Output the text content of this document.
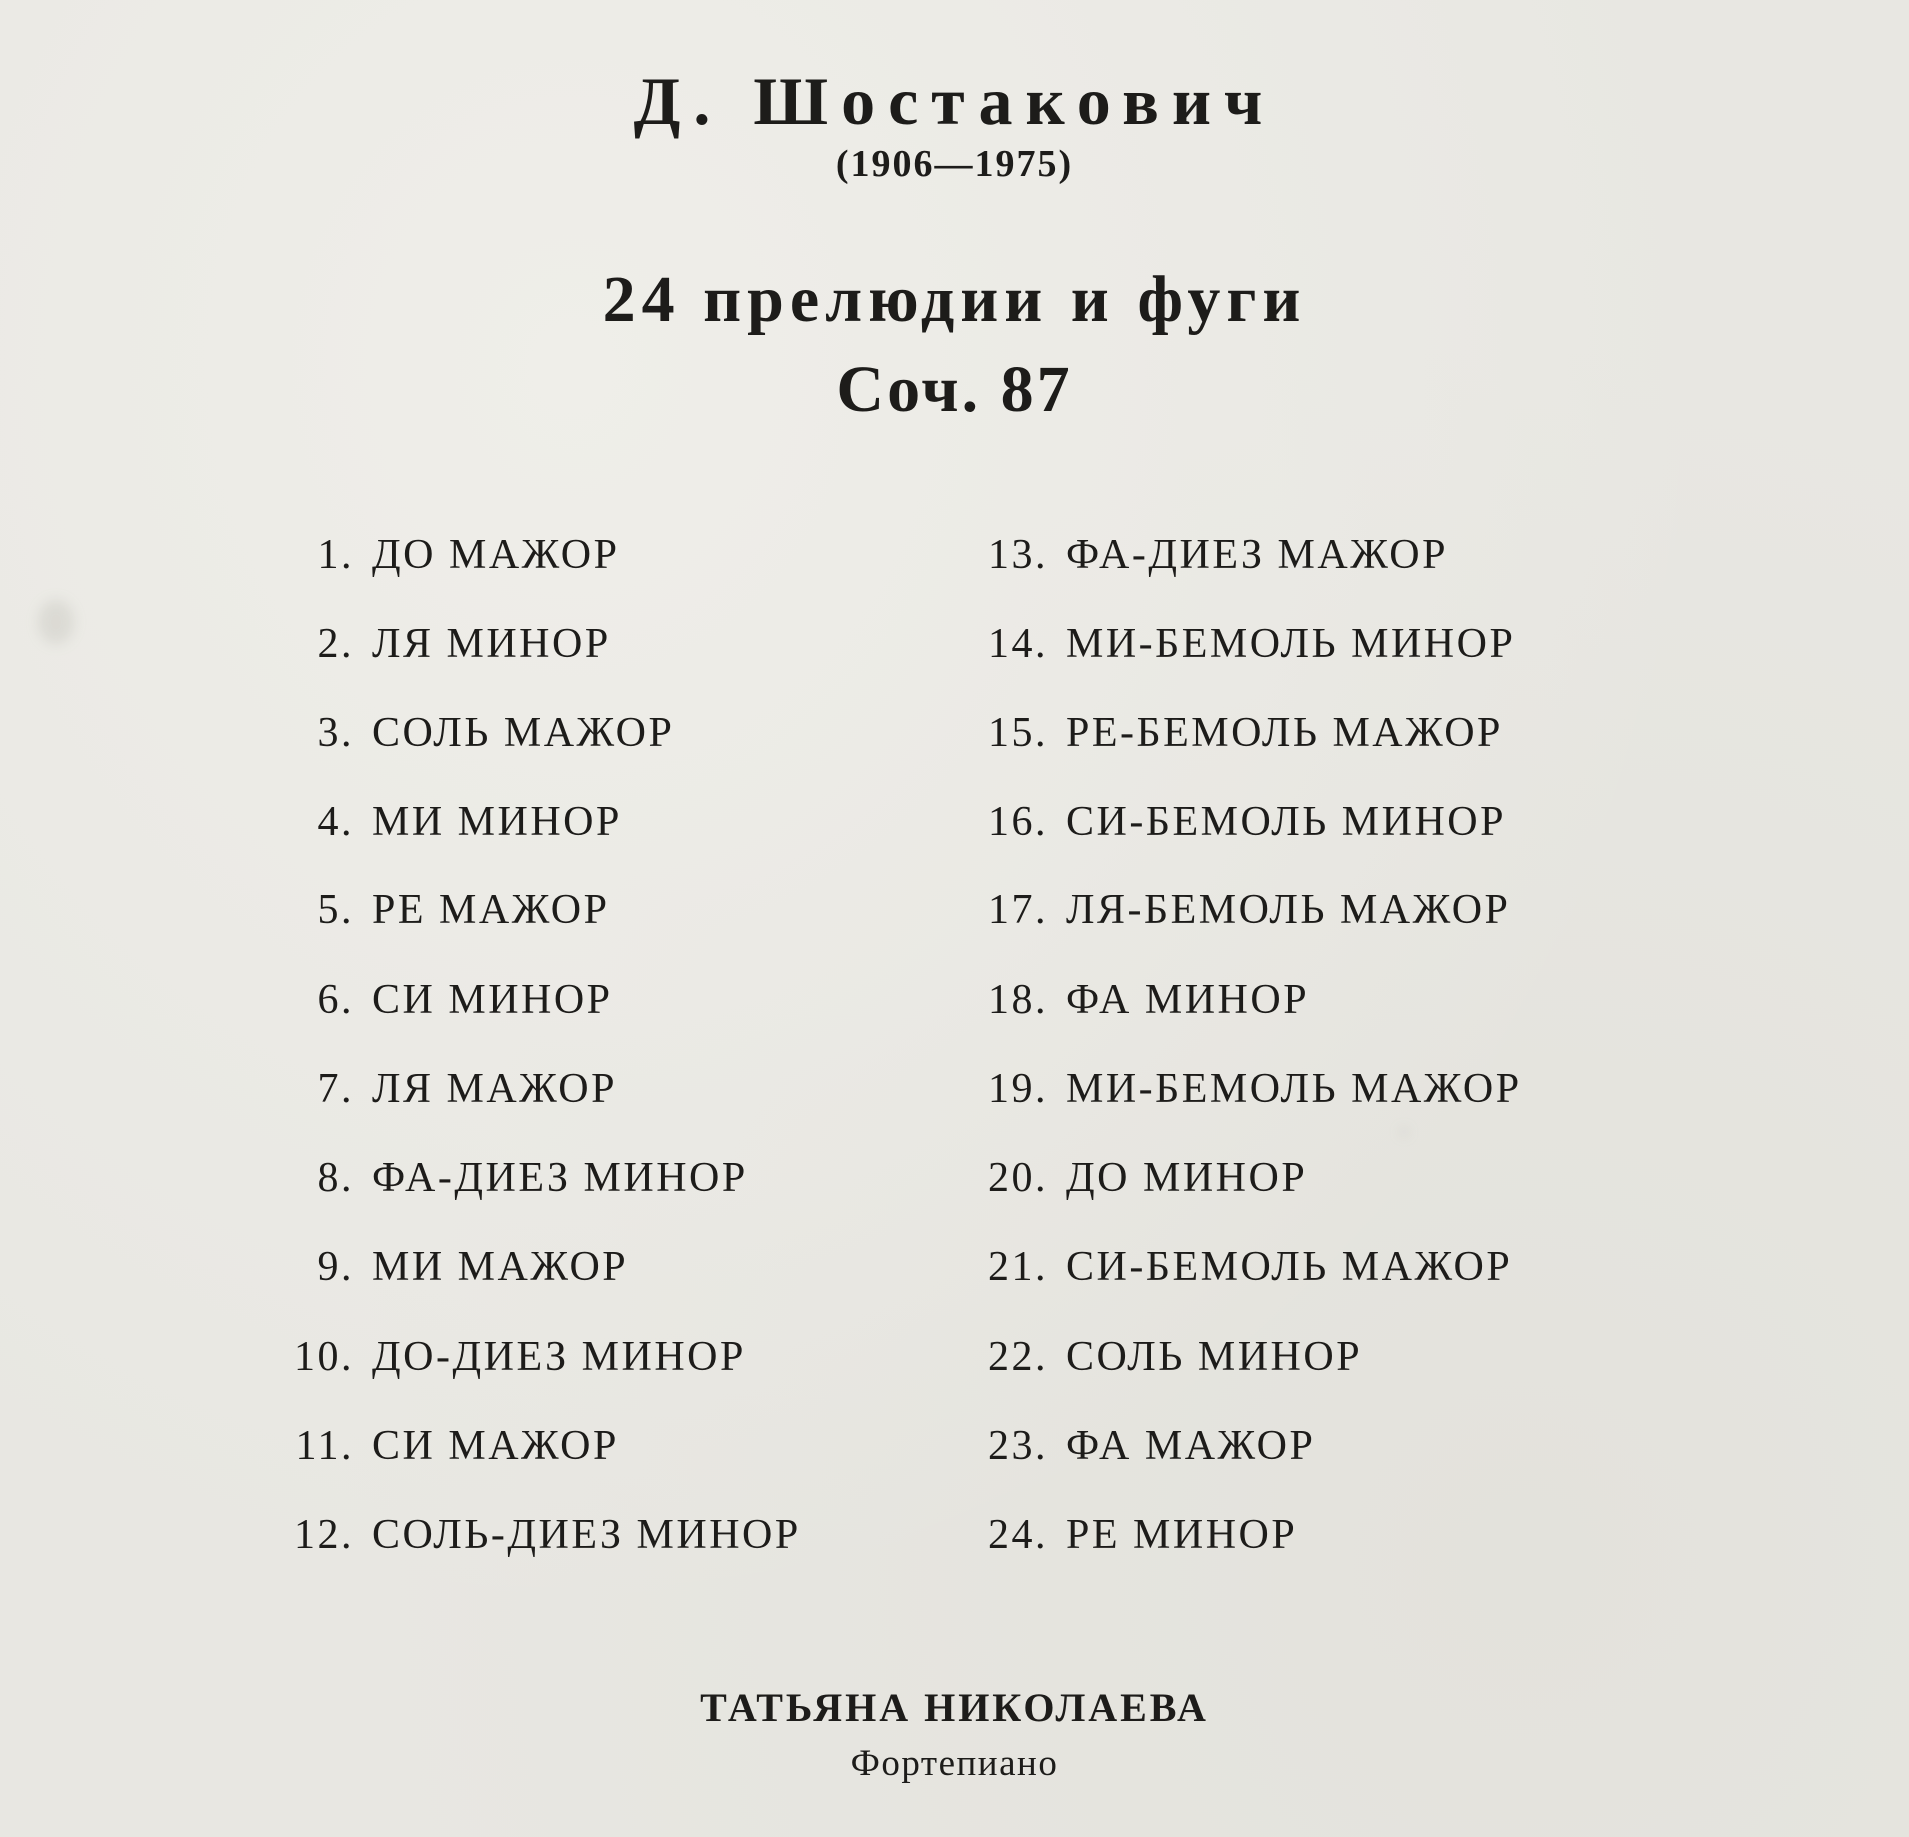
Д. Шостакович
(1906—1975)
24 прелюдии и фуги
Соч. 87
1. ДО МАЖОР
2. ЛЯ МИНОР
3. СОЛЬ МАЖОР
4. МИ МИНОР
5. РЕ МАЖОР
6. СИ МИНОР
7. ЛЯ МАЖОР
8. ФА-ДИЕЗ МИНОР
9. МИ МАЖОР
10. ДО-ДИЕЗ МИНОР
11. СИ МАЖОР
12. СОЛЬ-ДИЕЗ МИНОР
13. ФА-ДИЕЗ МАЖОР
14. МИ-БЕМОЛЬ МИНОР
15. РЕ-БЕМОЛЬ МАЖОР
16. СИ-БЕМОЛЬ МИНОР
17. ЛЯ-БЕМОЛЬ МАЖОР
18. ФА МИНОР
19. МИ-БЕМОЛЬ МАЖОР
20. ДО МИНОР
21. СИ-БЕМОЛЬ МАЖОР
22. СОЛЬ МИНОР
23. ФА МАЖОР
24. РЕ МИНОР
ТАТЬЯНА НИКОЛАЕВА
Фортепиано
